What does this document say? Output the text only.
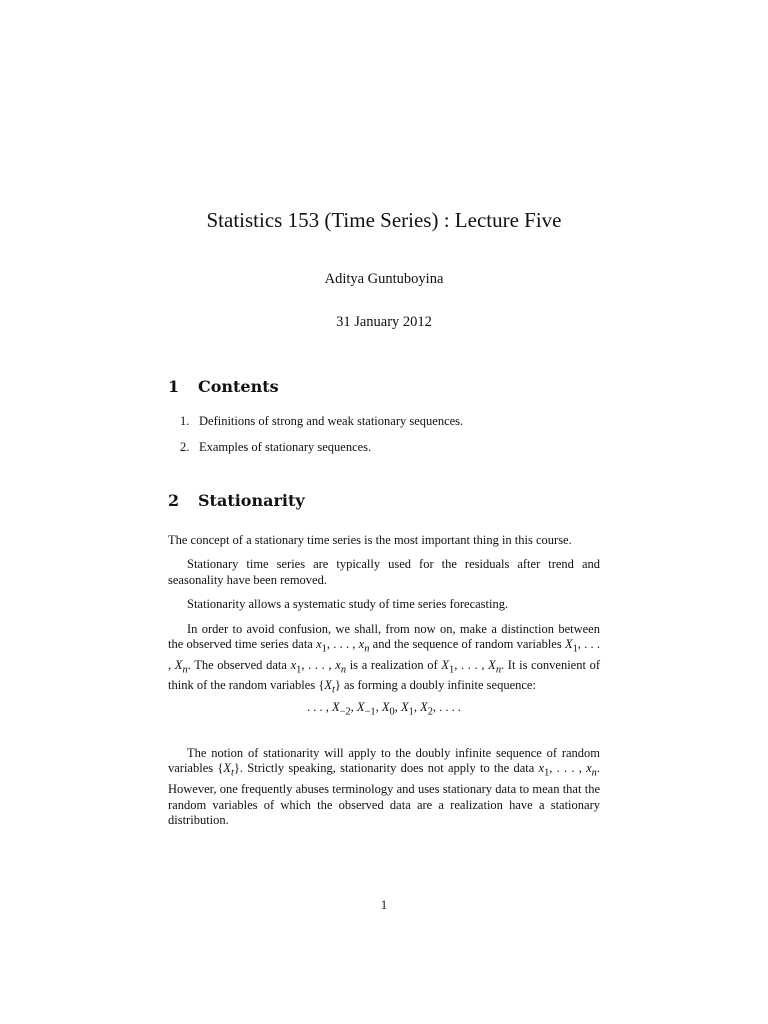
Statistics 153 (Time Series) : Lecture Five
Aditya Guntuboyina
31 January 2012
1 Contents
1. Definitions of strong and weak stationary sequences.
2. Examples of stationary sequences.
2 Stationarity

The concept of a stationary time series is the most important thing in this course.

Stationary time series are typically used for the residuals after trend and seasonality have been removed.

Stationarity allows a systematic study of time series forecasting.

In order to avoid confusion, we shall, from now on, make a distinction between the observed time series data $x_1$, . . . , $x_n$ and the sequence of random variables $X_1$, . . . , $X_n$. The observed data $x_1$, . . . , $x_n$ is a realization of $X_1$, . . . , $X_n$. It is convenient of think of the random variables $\{X_t\}$ as forming a doubly infinite sequence:

. . . , $X_{-2}$, $X_{-1}$, $X_0$, $X_1$, $X_2$, . . . .

The notion of stationarity will apply to the doubly infinite sequence of random variables $\{X_t\}$. Strictly speaking, stationarity does not apply to the data $x_1$, . . . , $x_n$. However, one frequently abuses terminology and uses stationary data to mean that the random variables of which the observed data are a realization have a stationary distribution.

1
